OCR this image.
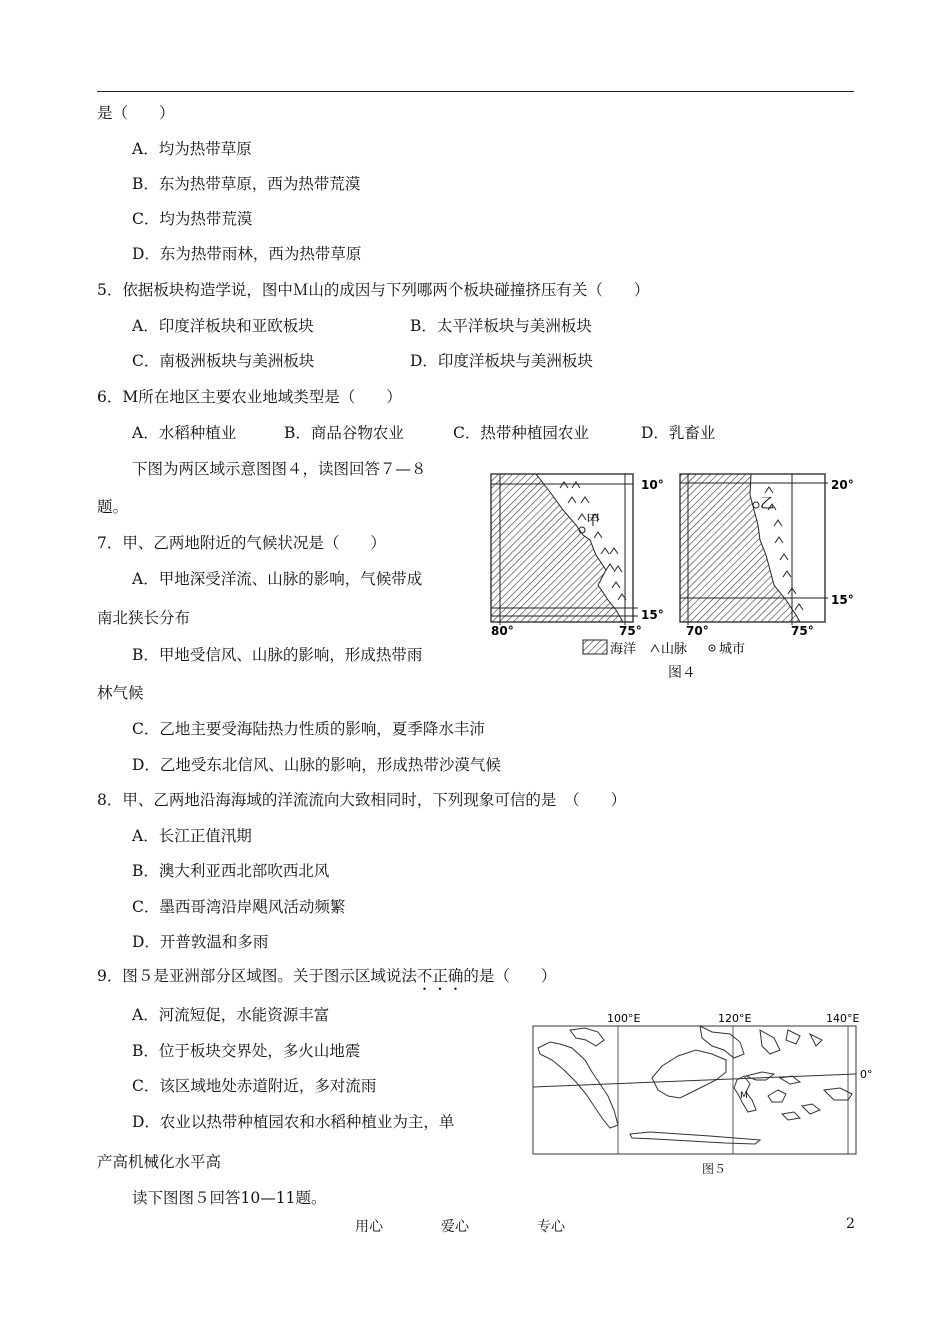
是（　　）
A．均为热带草原
B．东为热带草原，西为热带荒漠
C．均为热带荒漠
D．东为热带雨林，西为热带草原
5．依据板块构造学说，图中Ｍ山的成因与下列哪两个板块碰撞挤压有关（　　）
A．印度洋板块和亚欧板块	B．太平洋板块与美洲板块
C．南极洲板块与美洲板块	D．印度洋板块与美洲板块
6．M所在地区主要农业地域类型是（　　）
A．水稻种植业	B．商品谷物农业	C．热带种植园农业	D．乳畜业
下图为两区域示意图图４，读图回答７—８
题。
7．甲、乙两地附近的气候状况是（　　）
A．甲地深受洋流、山脉的影响，气候带成
南北狭长分布
B．甲地受信风、山脉的影响，形成热带雨
林气候
C．乙地主要受海陆热力性质的影响，夏季降水丰沛
D．乙地受东北信风、山脉的影响，形成热带沙漠气候
8．甲、乙两地沿海海域的洋流流向大致相同时，下列现象可信的是　（　　）
A．长江正值汛期
B．澳大利亚西北部吹西北风
C．墨西哥湾沿岸飓风活动频繁
D．开普敦温和多雨
9．图５是亚洲部分区域图。关于图示区域说法不正确的是（　　）
A．河流短促，水能资源丰富
B．位于板块交界处，多火山地震
C．该区域地处赤道附近，多对流雨
D．农业以热带种植园农和水稻种植业为主，单
产高机械化水平高
读下图图５回答10—11题。
甲
10°
15°
80°	75°
乙
20°
15°
70°	75°
海洋 山脉 城市
图４
100°E	120°E	140°E
0°
M
图５
用心	爱心	专心	2
